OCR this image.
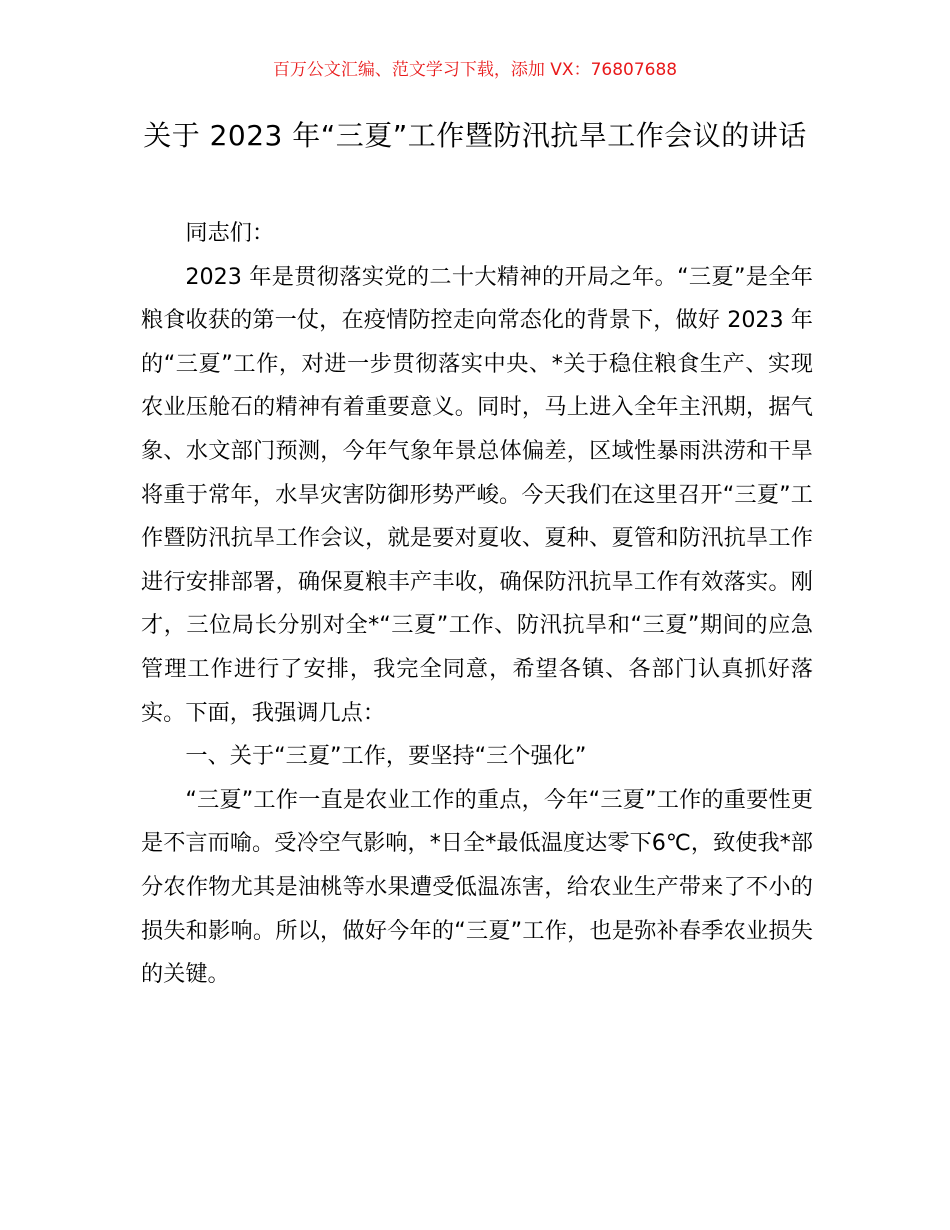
百万公文汇编、范文学习下载，添加 VX：76807688
关于 2023 年“三夏”工作暨防汛抗旱工作会议的讲话

同志们：

2023 年是贯彻落实党的二十大精神的开局之年。“三夏”是全年粮食收获的第一仗，在疫情防控走向常态化的背景下，做好 2023 年的“三夏”工作，对进一步贯彻落实中央、*关于稳住粮食生产、实现农业压舱石的精神有着重要意义。同时，马上进入全年主汛期，据气象、水文部门预测，今年气象年景总体偏差，区域性暴雨洪涝和干旱将重于常年，水旱灾害防御形势严峻。今天我们在这里召开“三夏”工作暨防汛抗旱工作会议，就是要对夏收、夏种、夏管和防汛抗旱工作进行安排部署，确保夏粮丰产丰收，确保防汛抗旱工作有效落实。刚才，三位局长分别对全*“三夏”工作、防汛抗旱和“三夏”期间的应急管理工作进行了安排，我完全同意，希望各镇、各部门认真抓好落实。下面，我强调几点：

一、关于“三夏”工作，要坚持“三个强化”

“三夏”工作一直是农业工作的重点，今年“三夏”工作的重要性更是不言而喻。受冷空气影响，*日全*最低温度达零下6℃，致使我*部分农作物尤其是油桃等水果遭受低温冻害，给农业生产带来了不小的损失和影响。所以，做好今年的“三夏”工作，也是弥补春季农业损失的关键。
